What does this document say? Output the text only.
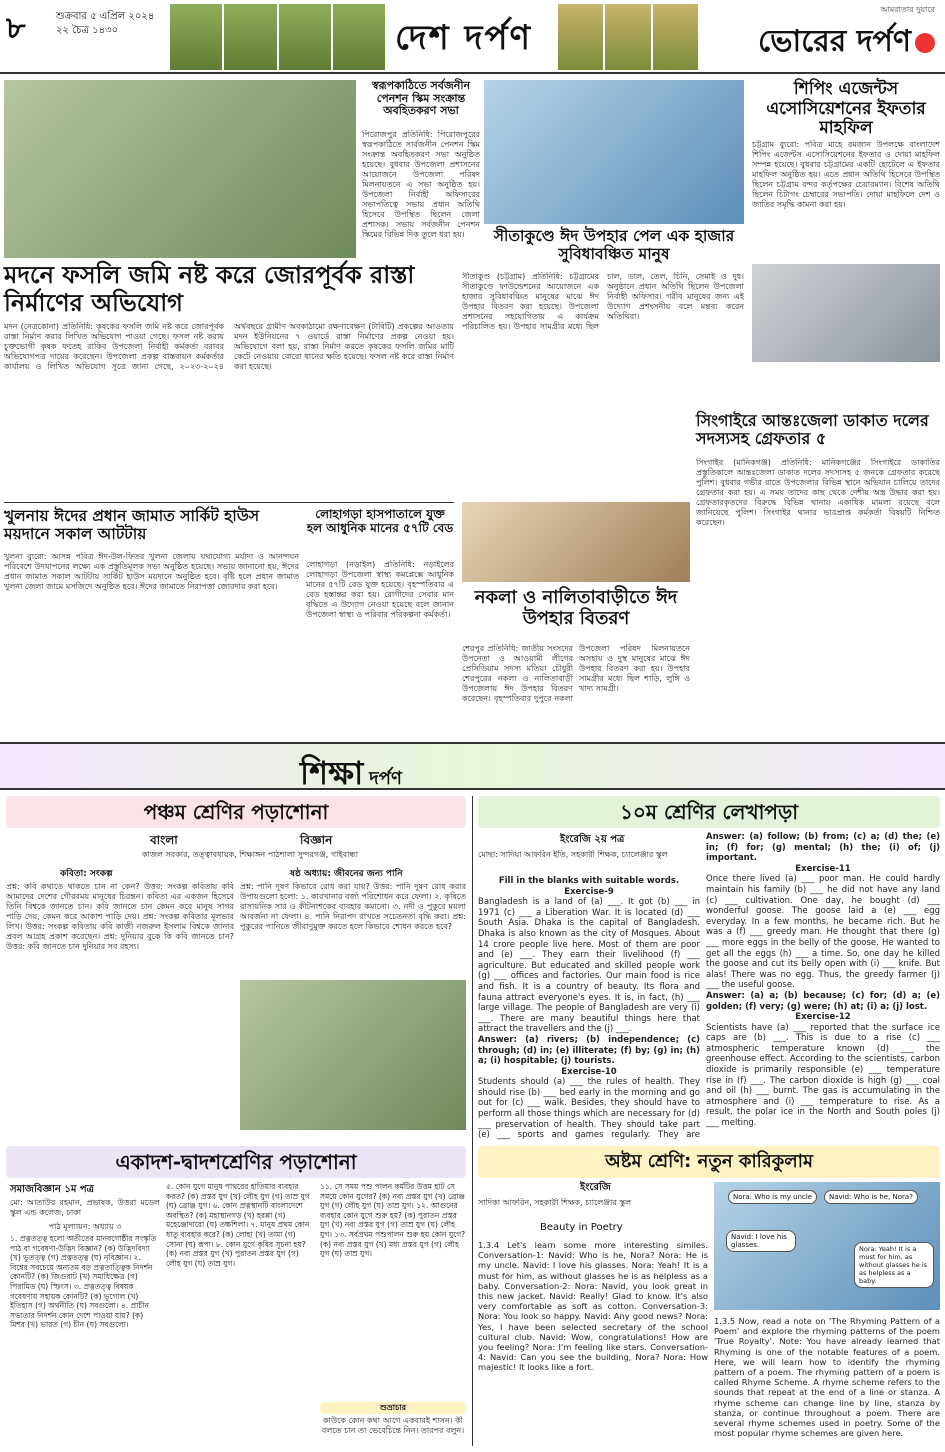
৮	শুক্রবার ৫ এপ্রিল ২০২৪
২২ চৈত্র ১৪৩০	দেশ দর্পণ
আমরাতার দুয়ারে
ভোরের দর্পণ
মদনে ফসলি জমি নষ্ট করে জোরপূর্বক রাস্তা নির্মাণের অভিযোগ
মদন (নেত্রকোনা) প্রতিনিধি: কৃষকের ফসলি জমি নষ্ট করে জোরপূর্বক রাস্তা নির্মাণ করার লিখিত অভিযোগ পাওয়া গেছে। ফসল নষ্ট করায় চুক্তভোগী কৃষক ফতেহ রাকিব উপজেলা নির্বাহী কর্মকর্তা বরাবর অভিযোগপত্র দায়ের করেছেন। উপজেলা প্রকল্প বাস্তবায়ন কর্মকর্তার কার্যালয় ও লিখিত অভিযোগ সূত্রে জানা গেছে, ২০২৩-২০২৪ অর্থবছরে গ্রামীণ অবকাঠামো রক্ষণাবেক্ষণ (টাবিটি) প্রকল্পের আওতায় মদন ইউনিয়নের ৭ ওয়ার্ডে রাস্তা নির্মাণের প্রকল্প নেওয়া হয়। অভিযোগে বলা হয়, রাস্তা নির্মাণ করতে কৃষকের ফসলি জমির মাটি কেটে নেওয়ায় বোরো ধানের ক্ষতি হয়েছে। ফসল নষ্ট করে রাস্তা নির্মাণ করা হয়েছে।
স্বরূপকাঠিতে সর্বজনীন পেনশন স্কিম সংক্রান্ত অবহিতকরণ সভা
পিরোজপুর প্রতিনিধি: পিরোজপুরের স্বরূপকাঠিতে সার্বজনীন পেনশন স্কিম সংক্রান্ত অবহিতকরণ সভা অনুষ্ঠিত হয়েছে। বুধবার উপজেলা প্রশাসনের আয়োজনে উপজেলা পরিষদ মিলনায়তনে এ সভা অনুষ্ঠিত হয়। উপজেলা নির্বাহী অফিসারের সভাপতিত্বে সভায় প্রধান অতিথি হিসেবে উপস্থিত ছিলেন জেলা প্রশাসক। সভায় সর্বজনীন পেনশন স্কিমের বিভিন্ন দিক তুলে ধরা হয়।	সীতাকুণ্ডে ঈদ উপহার পেল এক হাজার সুবিধাবঞ্চিত মানুষ
সীতাকুণ্ড (চট্টগ্রাম) প্রতিনিধি: চট্টগ্রামের সীতাকুণ্ডে ফাউন্ডেশনের আয়োজনে এক হাজার সুবিধাবঞ্চিত মানুষের মাঝে ঈদ উপহার বিতরণ করা হয়েছে। উপজেলা প্রশাসনের সহযোগিতায় এ কার্যক্রম পরিচালিত হয়। উপহার সামগ্রীর মধ্যে ছিল চাল, ডাল, তেল, চিনি, সেমাই ও দুধ। অনুষ্ঠানে প্রধান অতিথি ছিলেন উপজেলা নির্বাহী অফিসার। গরীব মানুষের জন্য এই উদ্যোগ প্রশংসনীয় বলে মন্তব্য করেন অতিথিরা।
শিপিং এজেন্টস এসোসিয়েশনের ইফতার মাহফিল
চট্টগ্রাম ব্যুরো: পবিত্র মাহে রমজান উপলক্ষে বাংলাদেশ শিপিং এজেন্টস এসোসিয়েশনের ইফতার ও দোয়া মাহফিল সম্পন্ন হয়েছে। বুধবার চট্টগ্রামের একটি হোটেলে এ ইফতার মাহফিল অনুষ্ঠিত হয়। এতে প্রধান অতিথি হিসেবে উপস্থিত ছিলেন চট্টগ্রাম বন্দর কর্তৃপক্ষের চেয়ারম্যান। বিশেষ অতিথি ছিলেন চিটাগং চেম্বারের সভাপতি। দোয়া মাহফিলে দেশ ও জাতির সমৃদ্ধি কামনা করা হয়।
সিংগাইরে আন্তঃজেলা ডাকাত দলের সদস্যসহ গ্রেফতার ৫
সিংগাইর (মানিকগঞ্জ) প্রতিনিধি: মানিকগঞ্জের সিংগাইরে ডাকাতির প্রস্তুতিকালে আন্তঃজেলা ডাকাত দলের সদস্যসহ ৫ জনকে গ্রেফতার করেছে পুলিশ। বুধবার গভীর রাতে উপজেলার বিভিন্ন স্থানে অভিযান চালিয়ে তাদের গ্রেফতার করা হয়। এ সময় তাদের কাছ থেকে দেশীয় অস্ত্র উদ্ধার করা হয়। গ্রেফতারকৃতদের বিরুদ্ধে বিভিন্ন থানায় একাধিক মামলা রয়েছে বলে জানিয়েছে পুলিশ। সিংগাইর থানার ভারপ্রাপ্ত কর্মকর্তা বিষয়টি নিশ্চিত করেছেন।
খুলনায় ঈদের প্রধান জামাত সার্কিট হাউস ময়দানে সকাল আটটায়
খুলনা ব্যুরো: আসন্ন পবিত্র ঈদ-উল-ফিতর খুলনা জেলায় যথাযোগ্য মর্যাদা ও আনন্দঘন পরিবেশে উদযাপনের লক্ষ্যে এক প্রস্তুতিমূলক সভা অনুষ্ঠিত হয়েছে। সভায় জানানো হয়, ঈদের প্রধান জামাত সকাল আটটায় সার্কিট হাউস ময়দানে অনুষ্ঠিত হবে। বৃষ্টি হলে প্রধান জামাত খুলনা জেলা জামে মসজিদে অনুষ্ঠিত হবে। ঈদের জামাতে নিরাপত্তা জোরদার করা হবে।
লোহাগড়া হাসপাতালে যুক্ত হল আধুনিক মানের ৫৭টি বেড
লোহাগড়া (নড়াইল) প্রতিনিধি: নড়াইলের লোহাগড়া উপজেলা স্বাস্থ্য কমপ্লেক্সে আধুনিক মানের ৫৭টি বেড যুক্ত হয়েছে। বৃহস্পতিবার এ বেড হস্তান্তর করা হয়। রোগীদের সেবার মান বৃদ্ধিতে এ উদ্যোগ নেওয়া হয়েছে বলে জানান উপজেলা স্বাস্থ্য ও পরিবার পরিকল্পনা কর্মকর্তা।
নকলা ও নালিতাবাড়ীতে ঈদ উপহার বিতরণ
শেরপুর প্রতিনিধি: জাতীয় সংসদের উপনেতা ও আওয়ামী লীগের প্রেসিডিয়াম সদস্য মতিয়া চৌধুরী শেরপুরের নকলা ও নালিতাবাড়ী উপজেলায় ঈদ উপহার বিতরণ করেছেন। বৃহস্পতিবার দুপুরে নকলা উপজেলা পরিষদ মিলনায়তনে অসহায় ও দুস্থ মানুষের মাঝে ঈদ উপহার বিতরণ করা হয়। উপহার সামগ্রীর মধ্যে ছিল শাড়ি, লুঙ্গি ও খাদ্য সামগ্রী।
শিক্ষা দর্পণ
পঞ্চম শ্রেণির পড়াশোনা
বাংলা	বিজ্ঞান
কাজল সরকার, তত্ত্বাবধায়ক, শিক্ষাঙ্গন পাঠশালা সুন্দরগঞ্জ, গাইবান্ধা
কবিতা: সংকল্প	ষষ্ঠ অধ্যায়: জীবনের জন্য পানি
প্রশ্ন: কবি কথাতে থাকতে চান না কেন? উত্তর: সংকল্প কবিতায় কবি আমাদের দেশের গৌরবময় মানুষের চিরন্তন। কবিতা এর একজন হিসেবে তিনি বিশ্বকে জানতে চান। কবি জানতে চান কেমন করে মানুষ সাগর পাড়ি দেয়, কেমন করে আকাশ পাড়ি দেয়। প্রশ্ন: সংকল্প কবিতার মূলভাব লিখ। উত্তর: সংকল্প কবিতায় কবি কাজী নজরুল ইসলাম বিশ্বকে জানার প্রবল আগ্রহ প্রকাশ করেছেন। প্রশ্ন: দুনিয়ার বুকে কি কবি জানতে চান? উত্তর: কবি জানতে চান দুনিয়ার সব রহস্য।
প্রশ্ন: পানি দূষণ কিভাবে রোধ করা যায়? উত্তর: পানি দূষণ রোধ করার উপায়গুলো হলো: ১. কারখানার বর্জ্য পরিশোধন করে ফেলা। ২. কৃষিতে রাসায়নিক সার ও কীটনাশকের ব্যবহার কমানো। ৩. নদী ও পুকুরে ময়লা আবর্জনা না ফেলা। ৪. পানি নিরাপদ রাখতে সচেতনতা বৃদ্ধি করা। প্রশ্ন: পুকুরের পানিতে জীবাণুমুক্ত করতে হলে কিভাবে শোধন করতে হবে?
একাদশ-দ্বাদশশ্রেণির পড়াশোনা
সমাজবিজ্ঞান ১ম পত্র
মো: আতাউর রহমান, প্রভাষক, উত্তরা মডেল স্কুল এন্ড কলেজ, ঢাকা
পাঠ মূল্যায়ন: অধ্যায় ৩
১. প্রত্নতত্ত্ব হলো অতীতের মানবগোষ্ঠীর সংস্কৃতি পাঠ বা গবেষণা-উদ্ভিদ বিজ্ঞান? (ক) উদ্ভিদবিদ্যা (খ) ভূতত্ত্ব (গ) প্রত্নতত্ত্ব (ঘ) নৃবিজ্ঞান। ২. বিশ্বের সবচেয়ে অন্যতম বড় প্রত্নতাত্ত্বিক নিদর্শন কোনটি? (ক) জিগুরাট (খ) সমাধিক্ষেত্র (গ) পিরামিড (ঘ) স্ফিংস। ৩. প্রত্নতত্ত্ব বিষয়ক গবেষণায় সহায়ক কোনটি? (ক) ভূগোল (খ) ইতিহাস (গ) অর্থনীতি (ঘ) সবগুলো। ৪. প্রাচীন সভ্যতার নিদর্শন কোন দেশে পাওয়া যায়? (ক) মিশর (খ) ভারত (গ) চীন (ঘ) সবগুলো।
৫. কোন যুগে মানুষ পাথরের হাতিয়ার ব্যবহার করত? (ক) প্রস্তর যুগ (খ) লৌহ যুগ (গ) তাম্র যুগ (ঘ) ব্রোঞ্জ যুগ। ৬. কোন প্রত্নস্থানটি বাংলাদেশে অবস্থিত? (ক) মহাস্থানগড় (খ) হরপ্পা (গ) মহেঞ্জোদারো (ঘ) তক্ষশিলা। ৭. মানুষ প্রথম কোন ধাতু ব্যবহার করে? (ক) লোহা (খ) তামা (গ) সোনা (ঘ) রূপা। ৮. কোন যুগে কৃষির সূচনা হয়? (ক) নব্য প্রস্তর যুগ (খ) পুরাতন প্রস্তর যুগ (গ) লৌহ যুগ (ঘ) তাম্র যুগ।
১১. সে সময় পশু পালন কর্মটির উত্তম হাট সে সময়ে কোন যুগের? (ক) নব্য প্রস্তর যুগ (খ) ব্রোঞ্জ যুগ (গ) লৌহ যুগ (ঘ) তাম্র যুগ। ১২. আগুনের ব্যবহার কোন যুগে শুরু হয়? (ক) পুরাতন প্রস্তর যুগ (খ) নব্য প্রস্তর যুগ (গ) তাম্র যুগ (ঘ) লৌহ যুগ। ১৩. সর্বপ্রথম পশুপালন শুরু হয় কোন যুগে? (ক) নব্য প্রস্তর যুগ (খ) মধ্য প্রস্তর যুগ (গ) লৌহ যুগ (ঘ) তাম্র যুগ।
শুভ্রাচার
কাউকে কোন কথা আগে একবারই শাসন। কী বলতে চান তা ভেবেচিন্তে নিন। তারপর বলুন।
১০ম শ্রেণির লেখাপড়া
ইংরেজি ২য় পত্র
মোছা: সাদিয়া আফরিন ইতি, সহকারী শিক্ষক, চ্যালেঞ্জার স্কুল
Fill in the blanks with suitable words.
Exercise-9
Bangladesh is a land of (a) ___. It got (b) ___ in 1971 (c) ___ a Liberation War. It is located (d) ___ South Asia. Dhaka is the capital of Bangladesh. Dhaka is also known as the city of Mosques. About 14 crore people live here. Most of them are poor and (e) ___. They earn their livelihood (f) ___ agriculture. But educated and skilled people work (g) ___ offices and factories. Our main food is rice and fish. It is a country of beauty. Its flora and fauna attract everyone's eyes. It is, in fact, (h) ___ large village. The people of Bangladesh are very (i) ___. There are many beautiful things here that attract the travellers and the (j) ___.
Answer: (a) rivers; (b) independence; (c) through; (d) in; (e) illiterate; (f) by; (g) in; (h) a; (i) hospitable; (j) tourists.
Exercise-10
Students should (a) ___ the rules of health. They should rise (b) ___ bed early in the morning and go out for (c) ___ walk. Besides, they should have to perform all those things which are necessary for (d) ___ preservation of health. They should take part (e) ___ sports and games regularly. They are
Answer: (a) follow; (b) from; (c) a; (d) the; (e) in; (f) for; (g) mental; (h) the; (i) of; (j) important.
Exercise-11
Once there lived (a) ___ poor man. He could hardly maintain his family (b) ___ he did not have any land (c) ___ cultivation. One day, he bought (d) ___ wonderful goose. The goose laid a (e) ___ egg everyday. In a few months, he became rich. But he was a (f) ___ greedy man. He thought that there (g) ___ more eggs in the belly of the goose. He wanted to get all the eggs (h) ___ a time. So, one day he killed the goose and cut its belly open with (i) ___ knife. But alas! There was no egg. Thus, the greedy farmer (j) ___ the useful goose.
Answer: (a) a; (b) because; (c) for; (d) a; (e) golden; (f) very; (g) were; (h) at; (i) a; (j) lost.
Exercise-12
Scientists have (a) ___ reported that the surface ice caps are (b) ___. This is due to a rise (c) ___ atmospheric temperature known (d) ___ the greenhouse effect. According to the scientists, carbon dioxide is primarily responsible (e) ___ temperature rise in (f) ___. The carbon dioxide is high (g) ___ coal and oil (h) ___ burnt. The gas is accumulating in the atmosphere and (i) ___ temperature to rise. As a result, the polar ice in the North and South poles (j) ___ melting.
অষ্টম শ্রেণি: নতুন কারিকুলাম
ইংরেজি
সাদিকা আফরিন, সহকারী শিক্ষক, চ্যালেঞ্জার স্কুল
Beauty in Poetry
1.3.4 Let's learn some more interesting similes. Conversation-1: Navid: Who is he, Nora? Nora: He is my uncle. Navid: I love his glasses. Nora: Yeah! It is a must for him, as without glasses he is as helpless as a baby. Conversation-2: Nora: Navid, you look great in this new jacket. Navid: Really! Glad to know. It's also very comfortable as soft as cotton. Conversation-3: Nora: You look so happy. Navid: Any good news? Nora: Yes, I have been selected secretary of the school cultural club. Navid: Wow, congratulations! How are you feeling? Nora: I'm feeling like stars. Conversation-4: Navid: Can you see the building, Nora? Nora: How majestic! It looks like a fort.
Nora: Who is my uncle	Navid: Who is he, Nora?
Navid: I love his glasses.	Nora: Yeah! It is a must for him, as without glasses he is as helpless as a baby.
1.3.5 Now, read a note on 'The Rhyming Pattern of a Poem' and explore the rhyming patterns of the poem 'True Royalty'. Note: You have already learned that Rhyming is one of the notable features of a poem. Here, we will learn how to identify the rhyming pattern of a poem. The rhyming pattern of a poem is called Rhyme Scheme. A rhyme scheme refers to the sounds that repeat at the end of a line or stanza. A rhyme scheme can change line by line, stanza by stanza, or continue throughout a poem. There are several rhyme schemes used in poetry. Some of the most popular rhyme schemes are given here.
